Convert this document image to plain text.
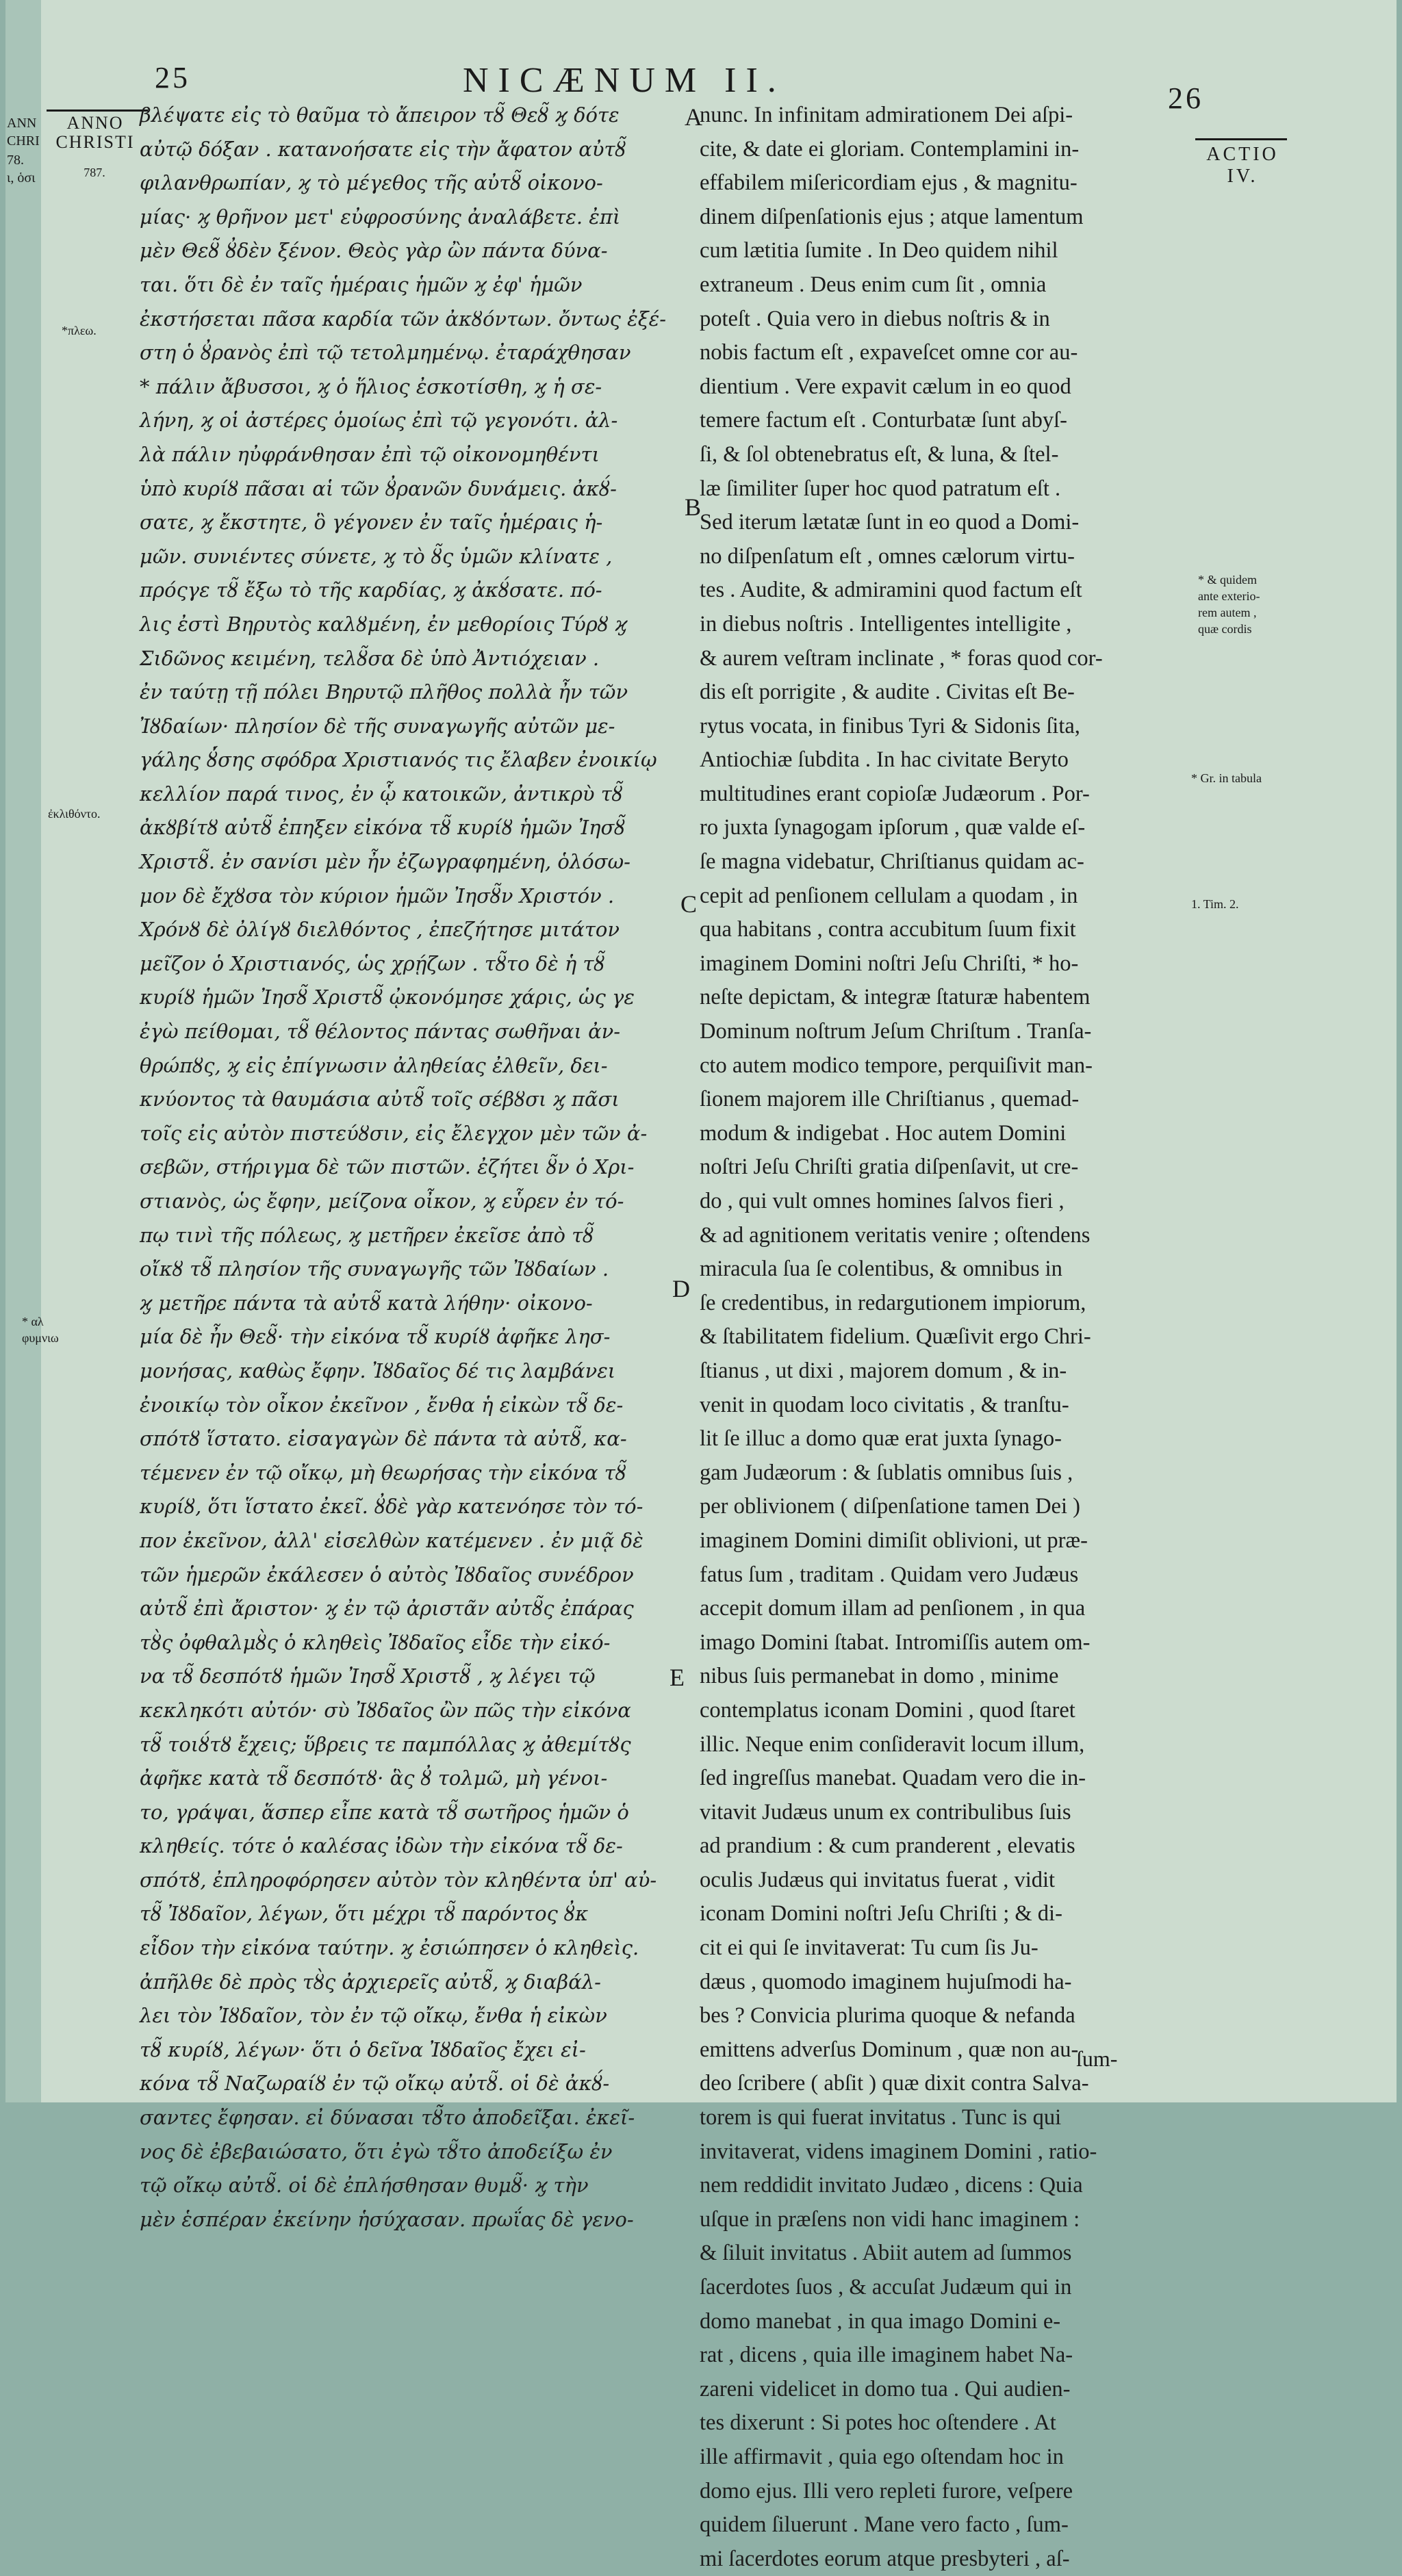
25	NICÆNUM II.	26
ANN
CHRI
78.
ι, ὁσι
ANNO
CHRISTI
787.
*πλεω.
ἐκλιθόντο.
* αλ
φυμνιω
ACTIO
IV.
* & quidem
ante exterio-
rem autem ,
quæ cordis
* Gr. in tabula
1. Tim. 2.
A
B
C
D
E
βλέψατε εἰς τὸ θαῦμα τὸ ἄπειρον τȣ̃ Θεȣ̃ ϗ δότε
αὐτῷ δόξαν . κατανοήσατε εἰς τὴν ἄφατον αὐτȣ̃
φιλανθρωπίαν, ϗ τὸ μέγεθος τῆς αὐτȣ̃ οἰκονο-
μίας· ϗ θρῆνον μετ' εὐφροσύνης ἀναλάβετε. ἐπὶ
μὲν Θεȣ̃ ȣ̓δὲν ξένον. Θεὸς γὰρ ὢν πάντα δύνα-
ται. ὅτι δὲ ἐν ταῖς ἡμέραις ἡμῶν ϗ ἐφ' ἡμῶν
ἐκστήσεται πᾶσα καρδία τῶν ἀκȣόντων. ὄντως ἐξέ-
στη ὁ ȣ̓ρανὸς ἐπὶ τῷ τετολμημένῳ. ἐταράχθησαν
* πάλιν ἄβυσσοι, ϗ ὁ ἥλιος ἐσκοτίσθη, ϗ ἡ σε-
λήνη, ϗ οἱ ἀστέρες ὁμοίως ἐπὶ τῷ γεγονότι. ἀλ-
λὰ πάλιν ηὐφράνθησαν ἐπὶ τῷ οἰκονομηθέντι
ὑπὸ κυρίȣ πᾶσαι αἱ τῶν ȣ̓ρανῶν δυνάμεις. ἀκȣ́-
σατε, ϗ ἔκστητε, ὃ γέγονεν ἐν ταῖς ἡμέραις ἡ-
μῶν. συνιέντες σύνετε, ϗ τὸ ȣ̃ς ὑμῶν κλίνατε ,
πρόςγε τȣ̃ ἔξω τὸ τῆς καρδίας, ϗ ἀκȣ́σατε. πό-
λις ἐστὶ Βηρυτὸς καλȣμένη, ἐν μεθορίοις Τύρȣ ϗ
Σιδῶνος κειμένη, τελȣ̃σα δὲ ὑπὸ Ἀντιόχειαν .
ἐν ταύτῃ τῇ πόλει Βηρυτῷ πλῆθος πολλὰ ἦν τῶν
Ἰȣδαίων· πλησίον δὲ τῆς συναγωγῆς αὐτῶν με-
γάλης ȣ̓́σης σφόδρα Χριστιανός τις ἔλαβεν ἐνοικίῳ
κελλίον παρά τινος, ἐν ᾧ κατοικῶν, ἀντικρὺ τȣ̃
ἀκȣβίτȣ αὐτȣ̃ ἐπηξεν εἰκόνα τȣ̃ κυρίȣ ἡμῶν Ἰησȣ̃
Χριστȣ̃. ἐν σανίσι μὲν ἦν ἐζωγραφημένη, ὁλόσω-
μον δὲ ἔχȣσα τὸν κύριον ἡμῶν Ἰησȣ̃ν Χριστόν .
Χρόνȣ δὲ ὀλίγȣ διελθόντος , ἐπεζήτησε μιτάτον
μεῖζον ὁ Χριστιανός, ὡς χρῄζων . τȣ̃το δὲ ἡ τȣ̃
κυρίȣ ἡμῶν Ἰησȣ̃ Χριστȣ̃ ᾠκονόμησε χάρις, ὡς γε
ἐγὼ πείθομαι, τȣ̃ θέλοντος πάντας σωθῆναι ἀν-
θρώπȣς, ϗ εἰς ἐπίγνωσιν ἀληθείας ἐλθεῖν, δει-
κνύοντος τὰ θαυμάσια αὐτȣ̃ τοῖς σέβȣσι ϗ πᾶσι
τοῖς εἰς αὐτὸν πιστεύȣσιν, εἰς ἔλεγχον μὲν τῶν ἀ-
σεβῶν, στήριγμα δὲ τῶν πιστῶν. ἐζήτει ȣ̃ν ὁ Χρι-
στιανὸς, ὡς ἔφην, μείζονα οἶκον, ϗ εὗρεν ἐν τό-
πῳ τινὶ τῆς πόλεως, ϗ μετῆρεν ἐκεῖσε ἀπὸ τȣ̃
οἴκȣ τȣ̃ πλησίον τῆς συναγωγῆς τῶν Ἰȣδαίων .
ϗ μετῆρε πάντα τὰ αὐτȣ̃ κατὰ λήθην· οἰκονο-
μία δὲ ἦν Θεȣ̃· τὴν εἰκόνα τȣ̃ κυρίȣ ἀφῆκε λησ-
μονήσας, καθὼς ἔφην. Ἰȣδαῖος δέ τις λαμβάνει
ἐνοικίῳ τὸν οἶκον ἐκεῖνον , ἔνθα ἡ εἰκὼν τȣ̃ δε-
σπότȣ ἵστατο. εἰσαγαγὼν δὲ πάντα τὰ αὐτȣ̃, κα-
τέμενεν ἐν τῷ οἴκῳ, μὴ θεωρήσας τὴν εἰκόνα τȣ̃
κυρίȣ, ὅτι ἵστατο ἐκεῖ. ȣ̓δὲ γὰρ κατενόησε τὸν τό-
πον ἐκεῖνον, ἀλλ' εἰσελθὼν κατέμενεν . ἐν μιᾷ δὲ
τῶν ἡμερῶν ἐκάλεσεν ὁ αὐτὸς Ἰȣδαῖος συνέδρον
αὐτȣ̃ ἐπὶ ἄριστον· ϗ ἐν τῷ ἀριστᾶν αὐτȣ̃ς ἐπάρας
τȣ̀ς ὀφθαλμȣ̀ς ὁ κληθεὶς Ἰȣδαῖος εἶδε τὴν εἰκό-
να τȣ̃ δεσπότȣ ἡμῶν Ἰησȣ̃ Χριστȣ̃ , ϗ λέγει τῷ
κεκληκότι αὐτόν· σὺ Ἰȣδαῖος ὢν πῶς τὴν εἰκόνα
τȣ̃ τοιȣ́τȣ ἔχεις; ὕβρεις τε παμπόλλας ϗ ἀθεμίτȣς
ἀφῆκε κατὰ τȣ̃ δεσπότȣ· ἃς ȣ̓ τολμῶ, μὴ γένοι-
το, γράψαι, ἅσπερ εἶπε κατὰ τȣ̃ σωτῆρος ἡμῶν ὁ
κληθείς. τότε ὁ καλέσας ἰδὼν τὴν εἰκόνα τȣ̃ δε-
σπότȣ, ἐπληροφόρησεν αὐτὸν τὸν κληθέντα ὑπ' αὐ-
τȣ̃ Ἰȣδαῖον, λέγων, ὅτι μέχρι τȣ̃ παρόντος ȣ̓κ
εἶδον τὴν εἰκόνα ταύτην. ϗ ἐσιώπησεν ὁ κληθεὶς.
ἀπῆλθε δὲ πρὸς τȣ̀ς ἀρχιερεῖς αὐτȣ̃, ϗ διαβάλ-
λει τὸν Ἰȣδαῖον, τὸν ἐν τῷ οἴκῳ, ἔνθα ἡ εἰκὼν
τȣ̃ κυρίȣ, λέγων· ὅτι ὁ δεῖνα Ἰȣδαῖος ἔχει εἰ-
κόνα τȣ̃ Ναζωραίȣ ἐν τῷ οἴκῳ αὐτȣ̃. οἱ δὲ ἀκȣ́-
σαντες ἔφησαν. εἰ δύνασαι τȣ̃το ἀποδεῖξαι. ἐκεῖ-
νος δὲ ἐβεβαιώσατο, ὅτι ἐγὼ τȣ̃το ἀποδείξω ἐν
τῷ οἴκῳ αὐτȣ̃. οἱ δὲ ἐπλήσθησαν θυμȣ̃· ϗ τὴν
μὲν ἑσπέραν ἐκείνην ἡσύχασαν. πρωΐας δὲ γενο-
nunc. In infinitam admirationem Dei aſpi-
cite, & date ei gloriam. Contemplamini in-
effabilem miſericordiam ejus , & magnitu-
dinem diſpenſationis ejus ; atque lamentum
cum lætitia ſumite . In Deo quidem nihil
extraneum . Deus enim cum ſit , omnia
poteſt . Quia vero in diebus noſtris & in
nobis factum eſt , expaveſcet omne cor au-
dientium . Vere expavit cælum in eo quod
temere factum eſt . Conturbatæ ſunt abyſ-
ſi, & ſol obtenebratus eſt, & luna, & ſtel-
læ ſimiliter ſuper hoc quod patratum eſt .
Sed iterum lætatæ ſunt in eo quod a Domi-
no diſpenſatum eſt , omnes cælorum virtu-
tes . Audite, & admiramini quod factum eſt
in diebus noſtris . Intelligentes intelligite ,
& aurem veſtram inclinate , * foras quod cor-
dis eſt porrigite , & audite . Civitas eſt Be-
rytus vocata, in finibus Tyri & Sidonis ſita,
Antiochiæ ſubdita . In hac civitate Beryto
multitudines erant copioſæ Judæorum . Por-
ro juxta ſynagogam ipſorum , quæ valde eſ-
ſe magna videbatur, Chriſtianus quidam ac-
cepit ad penſionem cellulam a quodam , in
qua habitans , contra accubitum ſuum fixit
imaginem Domini noſtri Jeſu Chriſti, * ho-
neſte depictam, & integræ ſtaturæ habentem
Dominum noſtrum Jeſum Chriſtum . Tranſa-
cto autem modico tempore, perquiſivit man-
ſionem majorem ille Chriſtianus , quemad-
modum & indigebat . Hoc autem Domini
noſtri Jeſu Chriſti gratia diſpenſavit, ut cre-
do , qui vult omnes homines ſalvos fieri ,
& ad agnitionem veritatis venire ; oſtendens
miracula ſua ſe colentibus, & omnibus in
ſe credentibus, in redargutionem impiorum,
& ſtabilitatem fidelium. Quæſivit ergo Chri-
ſtianus , ut dixi , majorem domum , & in-
venit in quodam loco civitatis , & tranſtu-
lit ſe illuc a domo quæ erat juxta ſynago-
gam Judæorum : & ſublatis omnibus ſuis ,
per oblivionem ( diſpenſatione tamen Dei )
imaginem Domini dimiſit oblivioni, ut præ-
fatus ſum , traditam . Quidam vero Judæus
accepit domum illam ad penſionem , in qua
imago Domini ſtabat. Intromiſſis autem om-
nibus ſuis permanebat in domo , minime
contemplatus iconam Domini , quod ſtaret
illic. Neque enim conſideravit locum illum,
ſed ingreſſus manebat. Quadam vero die in-
vitavit Judæus unum ex contribulibus ſuis
ad prandium : & cum pranderent , elevatis
oculis Judæus qui invitatus fuerat , vidit
iconam Domini noſtri Jeſu Chriſti ; & di-
cit ei qui ſe invitaverat: Tu cum ſis Ju-
dæus , quomodo imaginem hujuſmodi ha-
bes ? Convicia plurima quoque & nefanda
emittens adverſus Dominum , quæ non au-
deo ſcribere ( abſit ) quæ dixit contra Salva-
torem is qui fuerat invitatus . Tunc is qui
invitaverat, videns imaginem Domini , ratio-
nem reddidit invitato Judæo , dicens : Quia
uſque in præſens non vidi hanc imaginem :
& ſiluit invitatus . Abiit autem ad ſummos
ſacerdotes ſuos , & accuſat Judæum qui in
domo manebat , in qua imago Domini e-
rat , dicens , quia ille imaginem habet Na-
zareni videlicet in domo tua . Qui audien-
tes dixerunt : Si potes hoc oſtendere . At
ille affirmavit , quia ego oſtendam hoc in
domo ejus. Illi vero repleti furore, veſpere
quidem ſiluerunt . Mane vero facto , ſum-
mi ſacerdotes eorum atque presbyteri , aſ-
ſum-
